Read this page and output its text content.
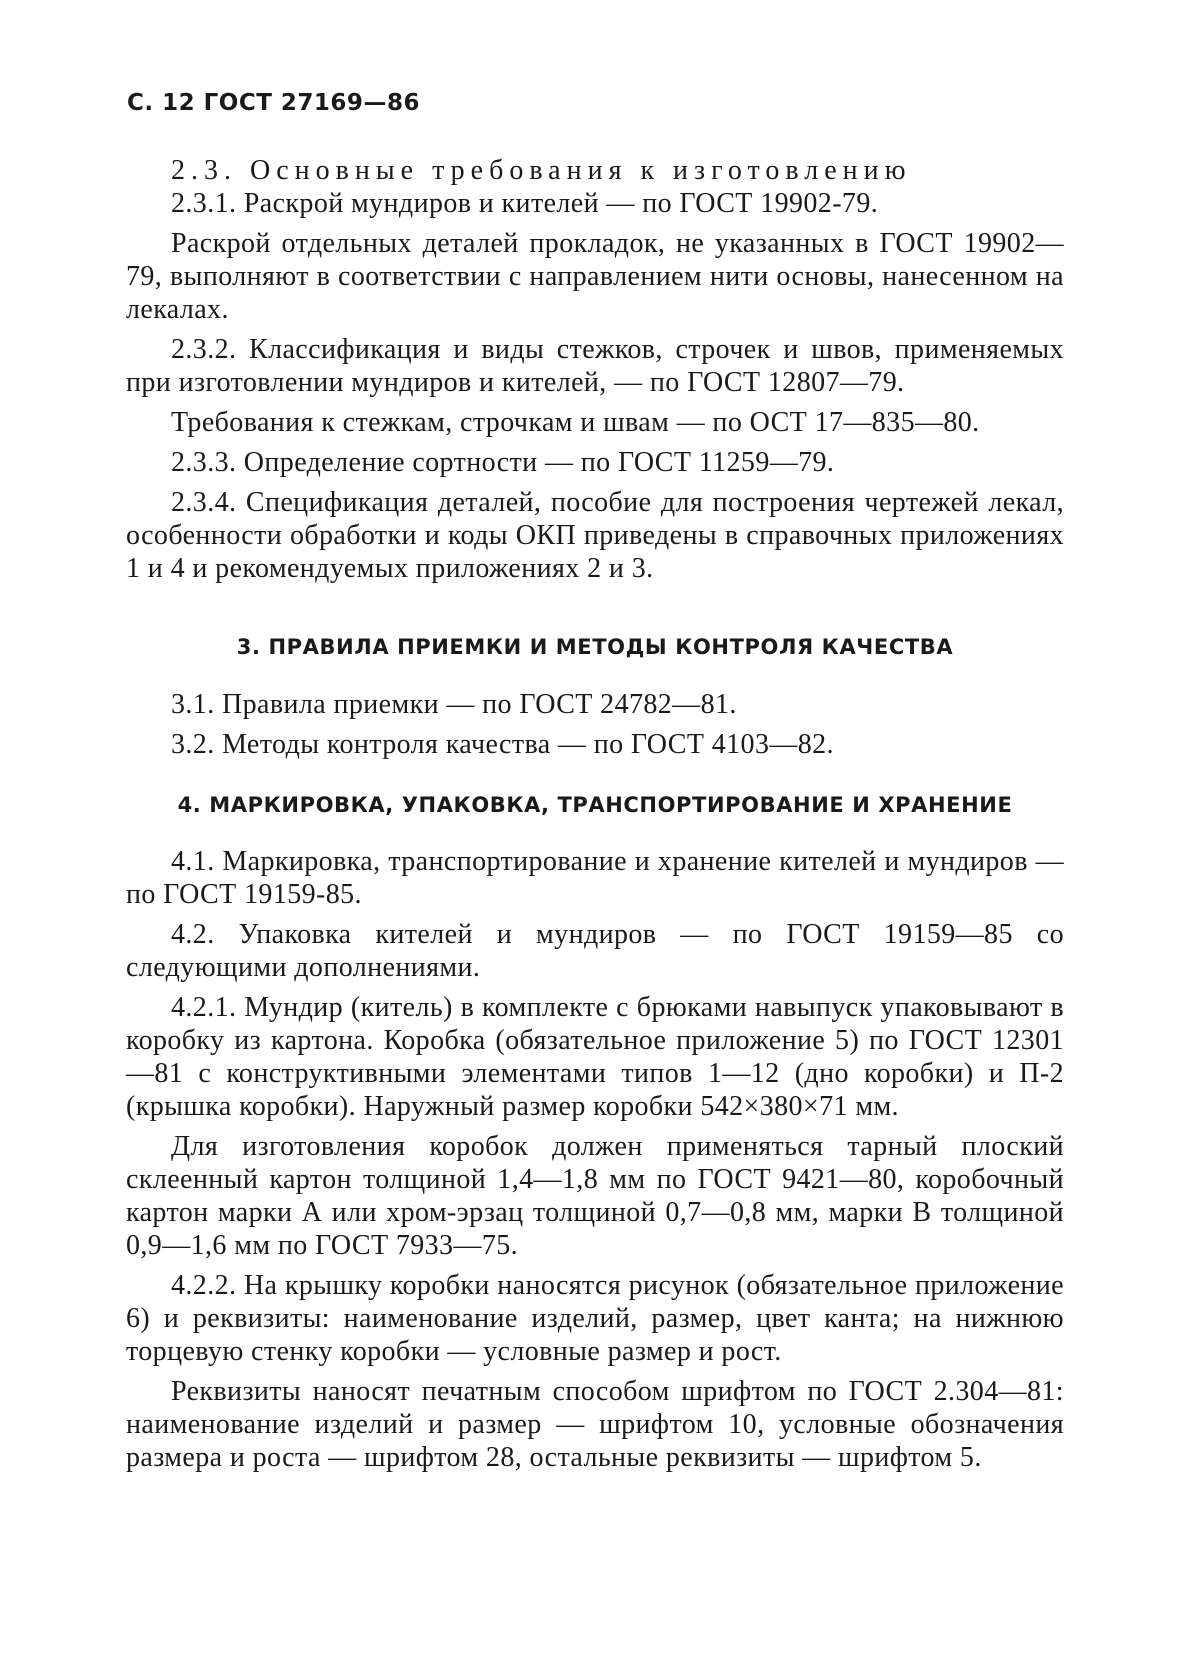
С. 12 ГОСТ 27169—86

2.3. Основные требования к изготовлению

2.3.1. Раскрой мундиров и кителей — по ГОСТ 19902-79.

Раскрой отдельных деталей прокладок, не указанных в ГОСТ 19902—79, выполняют в соответствии с направлением нити основы, нанесенном на лекалах.

2.3.2. Классификация и виды стежков, строчек и швов, применяемых при изготовлении мундиров и кителей, — по ГОСТ 12807—79.

Требования к стежкам, строчкам и швам — по ОСТ 17—835—80.

2.3.3. Определение сортности — по ГОСТ 11259—79.

2.3.4. Спецификация деталей, пособие для построения чертежей лекал, особенности обработки и коды ОКП приведены в справочных приложениях 1 и 4 и рекомендуемых приложениях 2 и 3.

3. ПРАВИЛА ПРИЕМКИ И МЕТОДЫ КОНТРОЛЯ КАЧЕСТВА

3.1. Правила приемки — по ГОСТ 24782—81.

3.2. Методы контроля качества — по ГОСТ 4103—82.

4. МАРКИРОВКА, УПАКОВКА, ТРАНСПОРТИРОВАНИЕ И ХРАНЕНИЕ

4.1. Маркировка, транспортирование и хранение кителей и мундиров — по ГОСТ 19159-85.

4.2. Упаковка кителей и мундиров — по ГОСТ 19159—85 со следующими дополнениями.

4.2.1. Мундир (китель) в комплекте с брюками навыпуск упаковывают в коробку из картона. Коробка (обязательное приложение 5) по ГОСТ 12301—81 с конструктивными элементами типов 1—12 (дно коробки) и П-2 (крышка коробки). Наружный размер коробки 542×380×71 мм.

Для изготовления коробок должен применяться тарный плоский склеенный картон толщиной 1,4—1,8 мм по ГОСТ 9421—80, коробочный картон марки А или хром-эрзац толщиной 0,7—0,8 мм, марки В толщиной 0,9—1,6 мм по ГОСТ 7933—75.

4.2.2. На крышку коробки наносятся рисунок (обязательное приложение 6) и реквизиты: наименование изделий, размер, цвет канта; на нижнюю торцевую стенку коробки — условные размер и рост.

Реквизиты наносят печатным способом шрифтом по ГОСТ 2.304—81: наименование изделий и размер — шрифтом 10, условные обозначения размера и роста — шрифтом 28, остальные реквизиты — шрифтом 5.
